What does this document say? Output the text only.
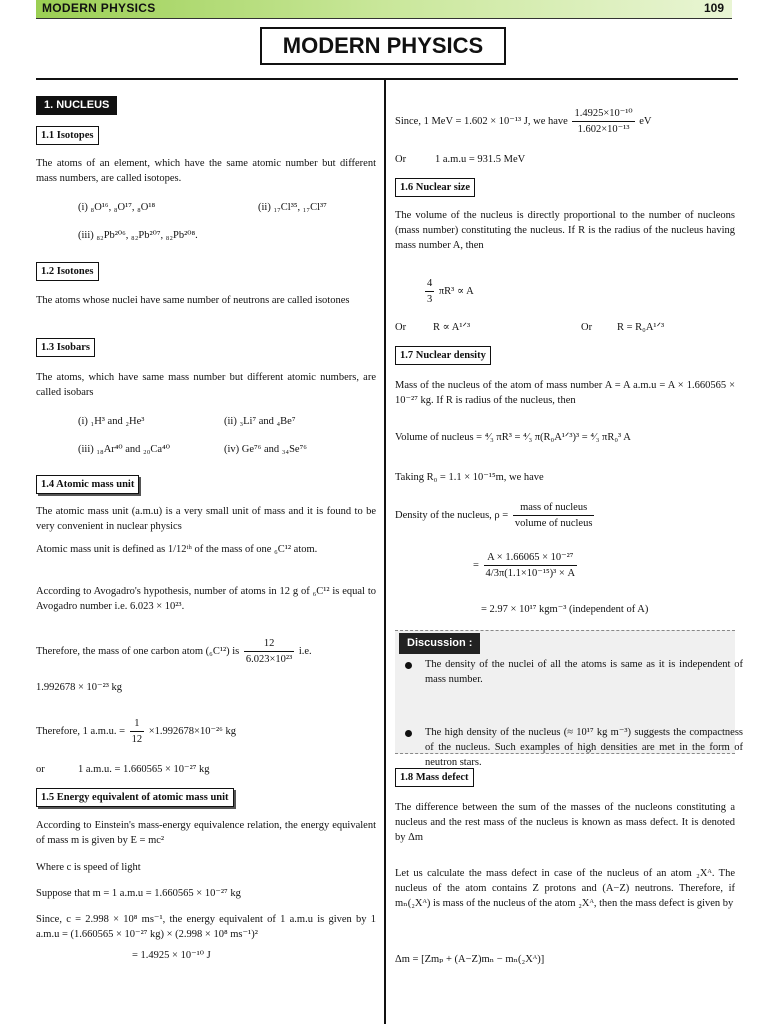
MODERN PHYSICS	109
MODERN PHYSICS
1. NUCLEUS
1.1 Isotopes
The atoms of an element, which have the same atomic number but different mass numbers, are called isotopes.
(i) ₈O¹⁶, ₈O¹⁷, ₈O¹⁸	(ii) ₁₇Cl³⁵, ₁₇Cl³⁷
(iii) ₈₂Pb²⁰⁶, ₈₂Pb²⁰⁷, ₈₂Pb²⁰⁸.
1.2 Isotones
The atoms whose nuclei have same number of neutrons are called isotones
1.3 Isobars
The atoms, which have same mass number but different atomic numbers, are called isobars
(i) ₁H³ and ₂He³	(ii) ₃Li⁷ and ₄Be⁷
(iii) ₁₈Ar⁴⁰ and ₂₀Ca⁴⁰	(iv) Ge⁷⁶ and ₃₄Se⁷⁶
1.4 Atomic mass unit
The atomic mass unit (a.m.u) is a very small unit of mass and it is found to be very convenient in nuclear physics
Atomic mass unit is defined as 1/12ᵗʰ of the mass of one ₆C¹² atom.
According to Avogadro's hypothesis, number of atoms in 12 g of ₆C¹² is equal to Avogadro number i.e. 6.023 × 10²³.
Therefore, the mass of one carbon atom (₆C¹²) is $\frac{12}{\text{6.023×10²³}} i.e$.
1.992678 × 10⁻²³ kg
Therefore, 1 a.m.u. = $\frac{1}{12} \times 1.992678\times 10^{-26}$ kg
or	1 a.m.u. = 1.660565 × 10⁻²⁷ kg
1.5 Energy equivalent of atomic mass unit
According to Einstein's mass-energy equivalence relation, the energy equivalent of mass m is given by E = mc²
Where c is speed of light
Suppose that m = 1 a.m.u = 1.660565 × 10⁻²⁷ kg
Since, c = 2.998 × 10⁸ ms⁻¹, the energy equivalent of 1 a.m.u is given by 1 a.m.u = (1.660565 × 10⁻²⁷ kg) × (2.998 × 10⁸ ms⁻¹)²
= 1.4925 × 10⁻¹⁰ J
Since, 1 MeV = 1.602 × 10⁻¹³ J, we have $\frac{\text{1.4925×10⁻¹⁰}}{\text{1.602×10⁻¹³}}$ eV
Or	1 a.m.u = 931.5 MeV
1.6 Nuclear size
The volume of the nucleus is directly proportional to the number of nucleons (mass number) constituting the nucleus. If R is the radius of the nucleus having mass number A, then
$\frac{4}{3} \pi R^3 \propto A$
Or	R ∝ A¹ᐟ³	Or R = R₀A¹ᐟ³
1.7 Nuclear density
Mass of the nucleus of the atom of mass number A = A a.m.u = A × 1.660565 × 10⁻²⁷ kg. If R is radius of the nucleus, then
Volume of nucleus = ⁴⁄₃ πR³ = ⁴⁄₃ π(R₀A¹ᐟ³)³ = ⁴⁄₃ πR₀³ A
Taking R₀ = 1.1 × 10⁻¹⁵m, we have
Density of the nucleus, $\rho = \frac{\text{mass of nucleus}}{\text{volume of nucleus}}$
= $\frac{\text{A × 1.66065 × 10⁻²⁷}}{\text{4/3π(1.1×10⁻¹⁵)³ × A}}$
= 2.97 × 10¹⁷ kgm⁻³ (independent of A)
Discussion :
The density of the nuclei of all the atoms is same as it is independent of mass number.
The high density of the nucleus (≈ 10¹⁷ kg m⁻³) suggests the compactness of the nucleus. Such examples of high densities are met in the form of neutron stars.
1.8 Mass defect
The difference between the sum of the masses of the nucleons constituting a nucleus and the rest mass of the nucleus is known as mass defect. It is denoted by Δm
Let us calculate the mass defect in case of the nucleus of an atom ₂Xᴬ. The nucleus of the atom contains Z protons and (A−Z) neutrons. Therefore, if mₙ(₂Xᴬ) is mass of the nucleus of the atom ₂Xᴬ, then the mass defect is given by
Δm = [Zmₚ + (A−Z)mₙ − mₙ(₂Xᴬ)]
